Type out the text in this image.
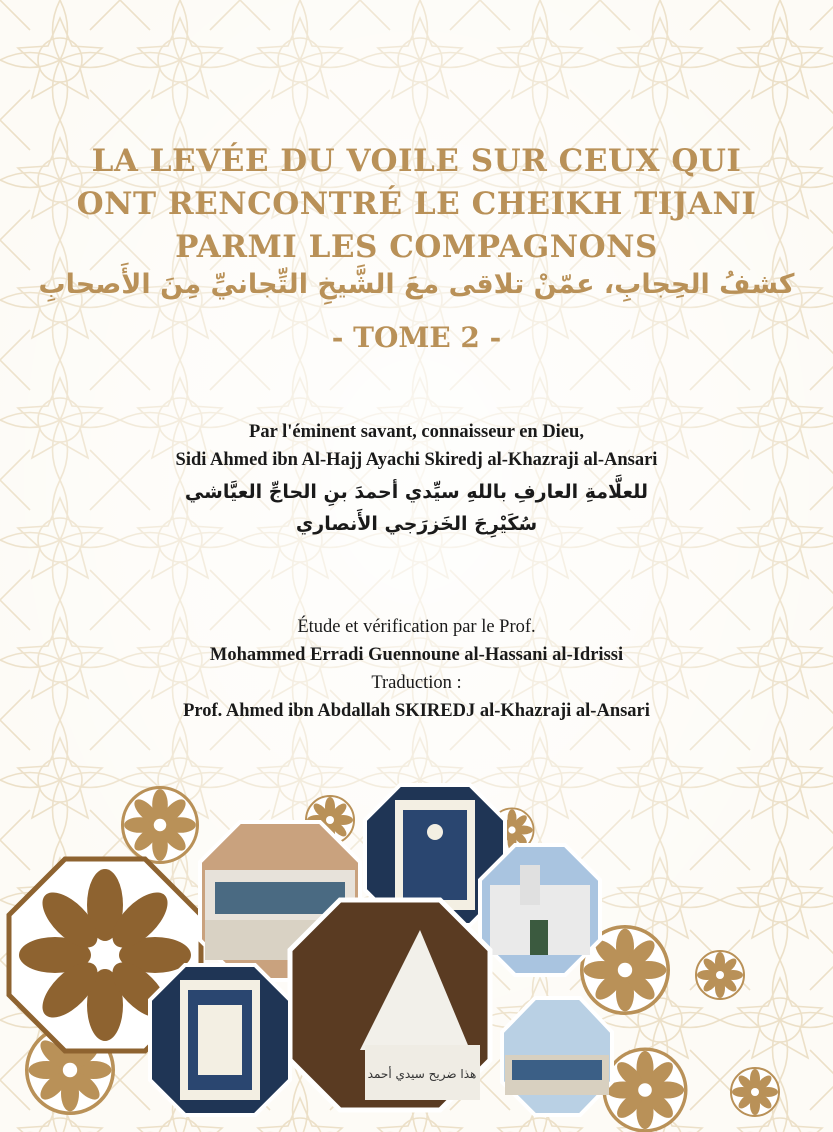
LA LEVÉE DU VOILE SUR CEUX QUI
ONT RENCONTRÉ LE CHEIKH TIJANI
PARMI LES COMPAGNONS
كشفُ الحِجابِ، عمّنْ تلاقى معَ الشَّيخِ التِّجانيِّ مِنَ الأَصحابِ
- TOME 2 -
Par l'éminent savant, connaisseur en Dieu,
Sidi Ahmed ibn Al-Hajj Ayachi Skiredj al-Khazraji al-Ansari
للعلَّامةِ العارفِ باللهِ سيِّدي أحمدَ بنِ الحاجِّ العيَّاشي
سُكَيْرِجَ الخَزرَجي الأَنصاري
Étude et vérification par le Prof.
Mohammed Erradi Guennoune al-Hassani al-Idrissi
Traduction :
Prof. Ahmed ibn Abdallah SKIREDJ al-Khazraji al-Ansari
هذا ضريح سيدي أحمد
